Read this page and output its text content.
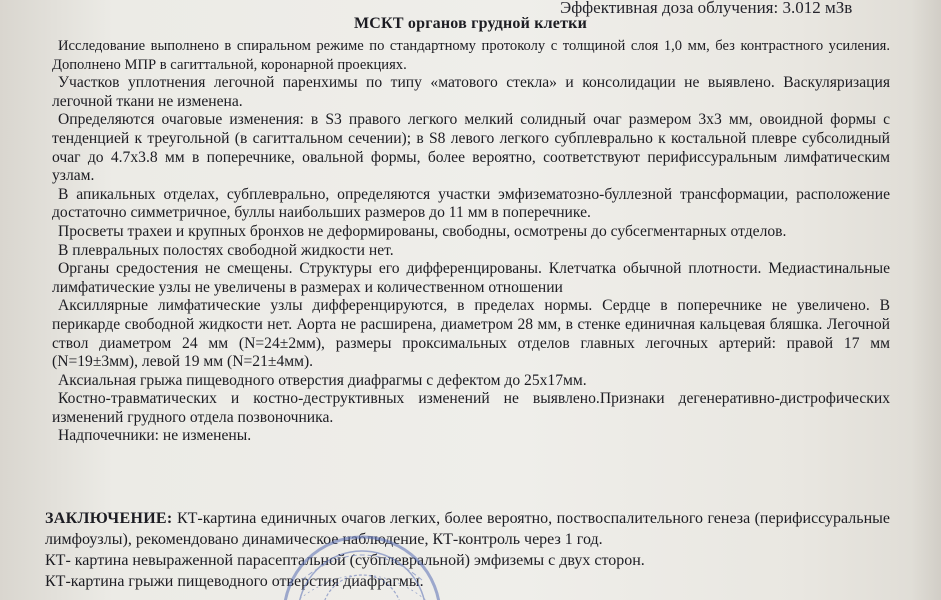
Эффективная доза облучения: 3.012 мЗв
МСКТ органов грудной клетки

Исследование выполнено в спиральном режиме по стандартному протоколу с толщиной слоя 1,0 мм, без контрастного усиления. Дополнено МПР в сагиттальной, коронарной проекциях.

Участков уплотнения легочной паренхимы по типу «матового стекла» и консолидации не выявлено. Васкуляризация легочной ткани не изменена.

Определяются очаговые изменения: в S3 правого легкого мелкий солидный очаг размером 3х3 мм, овоидной формы с тенденцией к треугольной (в сагиттальном сечении); в S8 левого легкого субплеврально к костальной плевре субсолидный очаг до 4.7х3.8 мм в поперечнике, овальной формы, более вероятно, соответствуют перифиссуральным лимфатическим узлам.

В апикальных отделах, субплеврально, определяются участки эмфизематозно-буллезной трансформации, расположение достаточно симметричное, буллы наибольших размеров до 11 мм в поперечнике.

Просветы трахеи и крупных бронхов не деформированы, свободны, осмотрены до субсегментарных отделов.

В плевральных полостях свободной жидкости нет.

Органы средостения не смещены. Структуры его дифференцированы. Клетчатка обычной плотности. Медиастинальные лимфатические узлы не увеличены в размерах и количественном отношении

Аксиллярные лимфатические узлы дифференцируются, в пределах нормы. Сердце в поперечнике не увеличено. В перикарде свободной жидкости нет. Аорта не расширена, диаметром 28 мм, в стенке единичная кальцевая бляшка. Легочной ствол диаметром 24 мм (N=24±2мм), размеры проксимальных отделов главных легочных артерий: правой 17 мм (N=19±3мм), левой 19 мм (N=21±4мм).

Аксиальная грыжа пищеводного отверстия диафрагмы с дефектом до 25х17мм.

Костно-травматических и костно-деструктивных изменений не выявлено.Признаки дегенеративно-дистрофических изменений грудного отдела позвоночника.

Надпочечники: не изменены.

ЗАКЛЮЧЕНИЕ: КТ-картина единичных очагов легких, более вероятно, поствоспалительного генеза (перифиссуральные лимфоузлы), рекомендовано динамическое наблюдение, КТ-контроль через 1 год.

КТ- картина невыраженной парасептальной (субплевральной) эмфиземы с двух сторон.

КТ-картина грыжи пищеводного отверстия диафрагмы.
